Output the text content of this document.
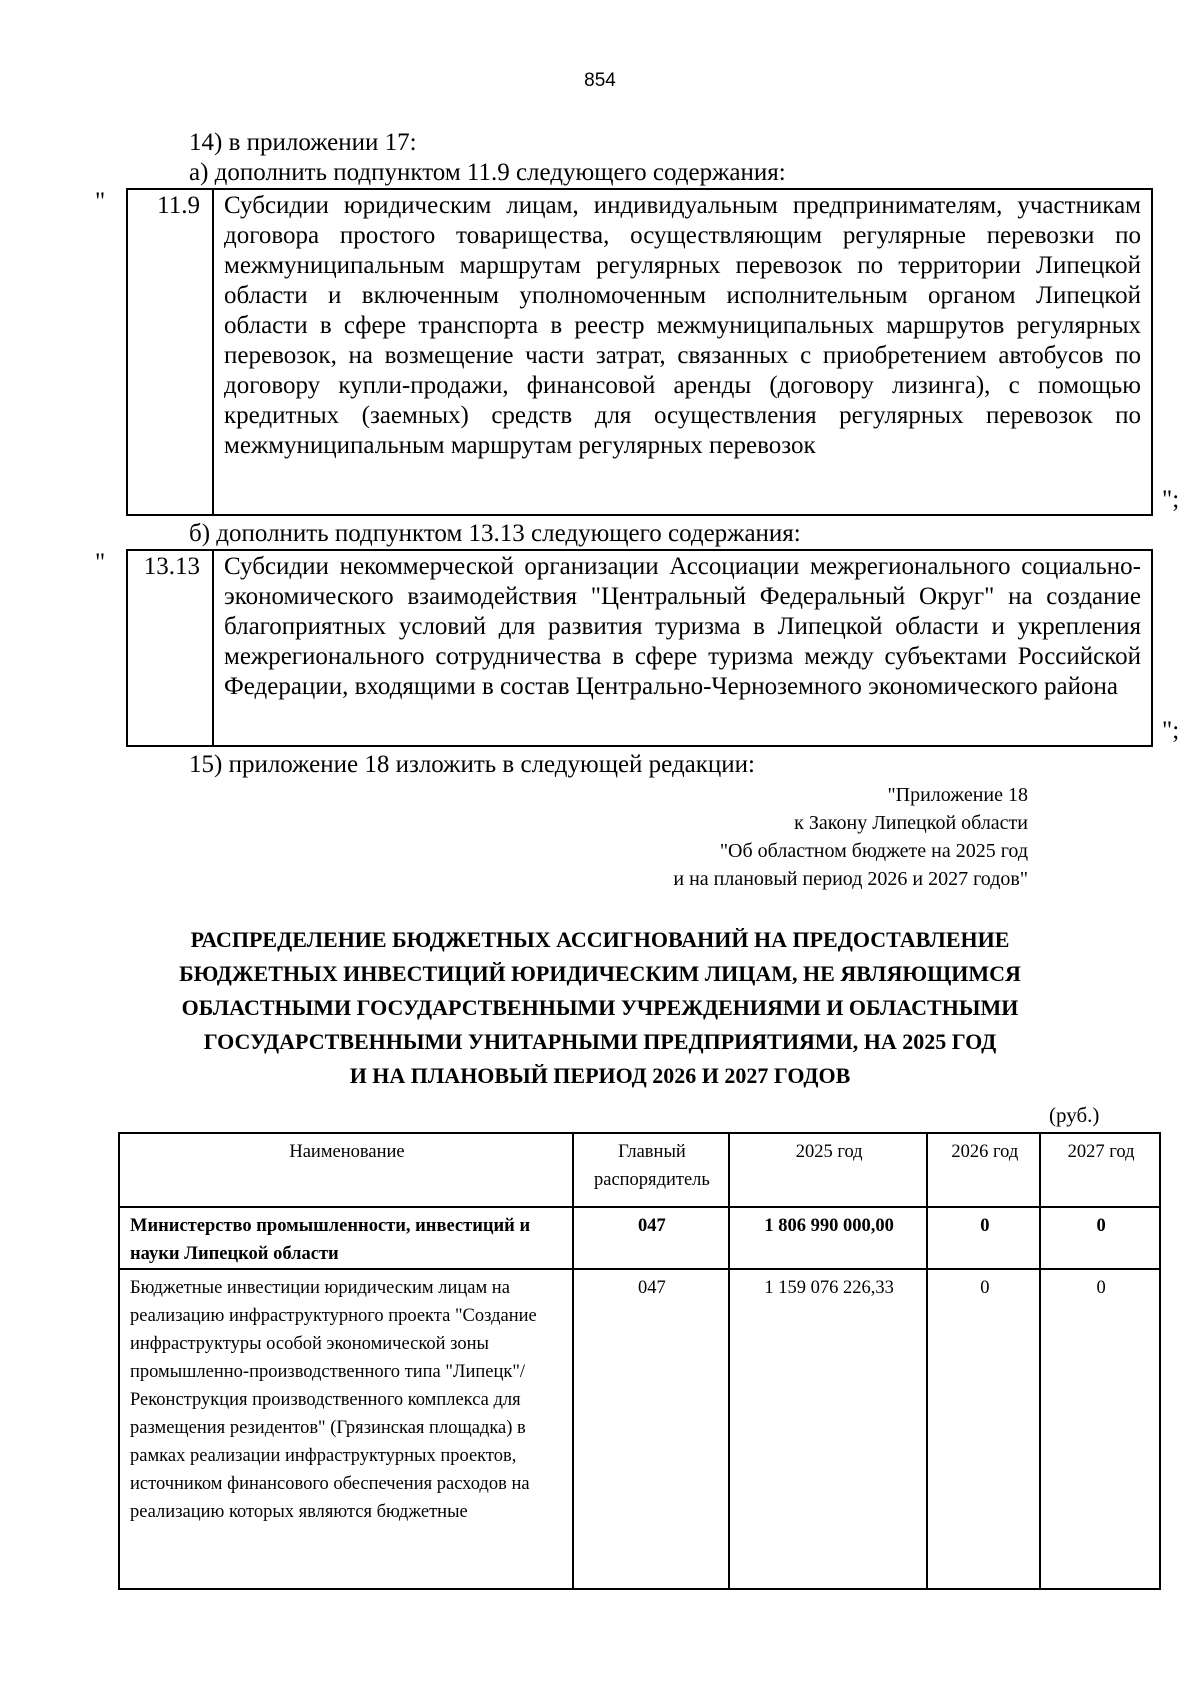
854
14) в приложении 17:
а) дополнить подпунктом 11.9 следующего содержания:
"	11.9 Субсидии юридическим лицам, индивидуальным предпринимателям, участникам договора простого товарищества, осуществляющим регулярные перевозки по межмуниципальным маршрутам регулярных перевозок по территории Липецкой области и включенным уполномоченным исполнительным органом Липецкой области в сфере транспорта в реестр межмуниципальных маршрутов регулярных перевозок, на возмещение части затрат, связанных с приобретением автобусов по договору купли-продажи, финансовой аренды (договору лизинга), с помощью кредитных (заемных) средств для осуществления регулярных перевозок по межмуниципальным маршрутам регулярных перевозок
";
б) дополнить подпунктом 13.13 следующего содержания:
"	13.13 Субсидии некоммерческой организации Ассоциации межрегионального социально-экономического взаимодействия "Центральный Федеральный Округ" на создание благоприятных условий для развития туризма в Липецкой области и укрепления межрегионального сотрудничества в сфере туризма между субъектами Российской Федерации, входящими в состав Центрально-Черноземного экономического района
";
15) приложение 18 изложить в следующей редакции:
"Приложение 18
к Закону Липецкой области
"Об областном бюджете на 2025 год
и на плановый период 2026 и 2027 годов"
РАСПРЕДЕЛЕНИЕ БЮДЖЕТНЫХ АССИГНОВАНИЙ НА ПРЕДОСТАВЛЕНИЕ
БЮДЖЕТНЫХ ИНВЕСТИЦИЙ ЮРИДИЧЕСКИМ ЛИЦАМ, НЕ ЯВЛЯЮЩИМСЯ
ОБЛАСТНЫМИ ГОСУДАРСТВЕННЫМИ УЧРЕЖДЕНИЯМИ И ОБЛАСТНЫМИ
ГОСУДАРСТВЕННЫМИ УНИТАРНЫМИ ПРЕДПРИЯТИЯМИ, НА 2025 ГОД
И НА ПЛАНОВЫЙ ПЕРИОД 2026 И 2027 ГОДОВ
(руб.)
Наименование	Главный распорядитель	2025 год	2026 год	2027 год
Министерство промышленности, инвестиций и науки Липецкой области	047	1 806 990 000,00	0	0
Бюджетные инвестиции юридическим лицам на реализацию инфраструктурного проекта "Создание инфраструктуры особой экономической зоны промышленно-производственного типа "Липецк"/Реконструкция производственного комплекса для размещения резидентов" (Грязинская площадка) в рамках реализации инфраструктурных проектов, источником финансового обеспечения расходов на реализацию которых являются бюджетные	047	1 159 076 226,33	0	0
